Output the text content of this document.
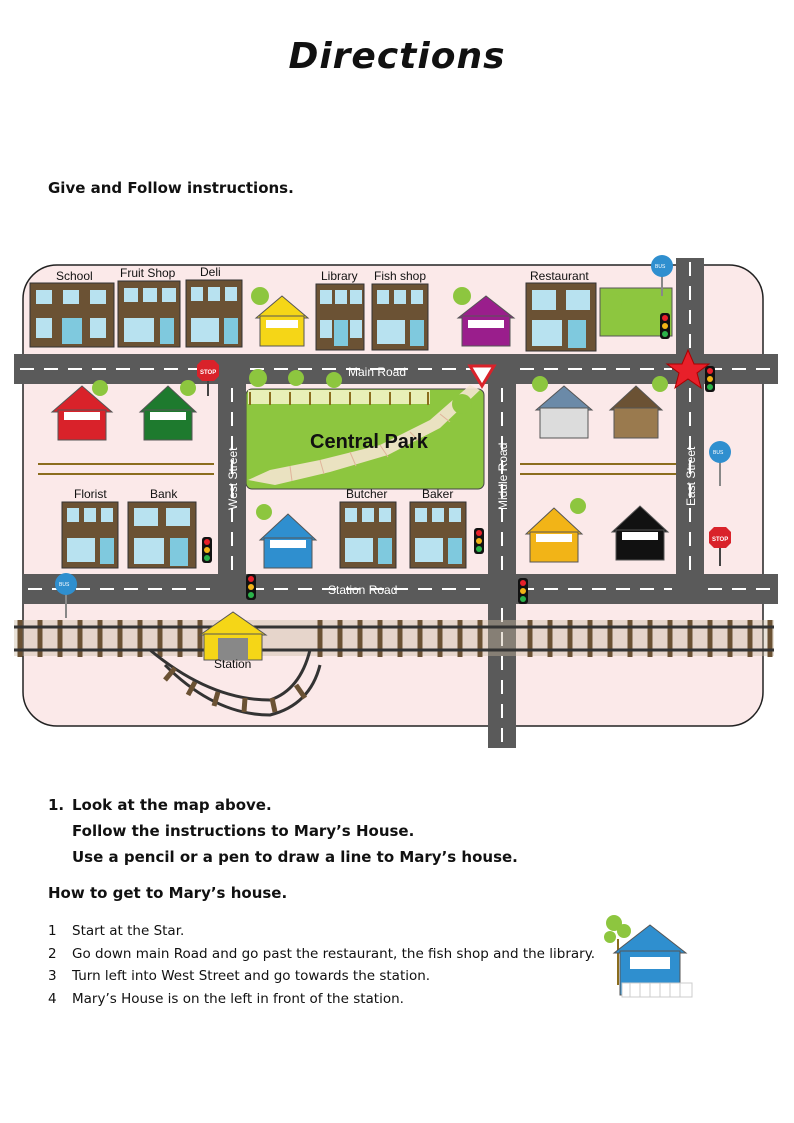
Directions
Give and Follow instructions.
Central Park
Station
School Fruit Shop Deli	Library Fish shop	Restaurant
Florist	Bank	Butcher	Baker
Main Road
Station Road
West Street	Middle Road	East Street
STOP
STOP
BUS
BUS
BUS
1. Look at the map above.
Follow the instructions to Mary’s House.
Use a pencil or a pen to draw a line to Mary’s house.
How to get to Mary’s house.
1 Start at the Star.
2 Go down main Road and go past the restaurant, the fish shop and the library.
3 Turn left into West Street and go towards the station.
4 Mary’s House is on the left in front of the station.
